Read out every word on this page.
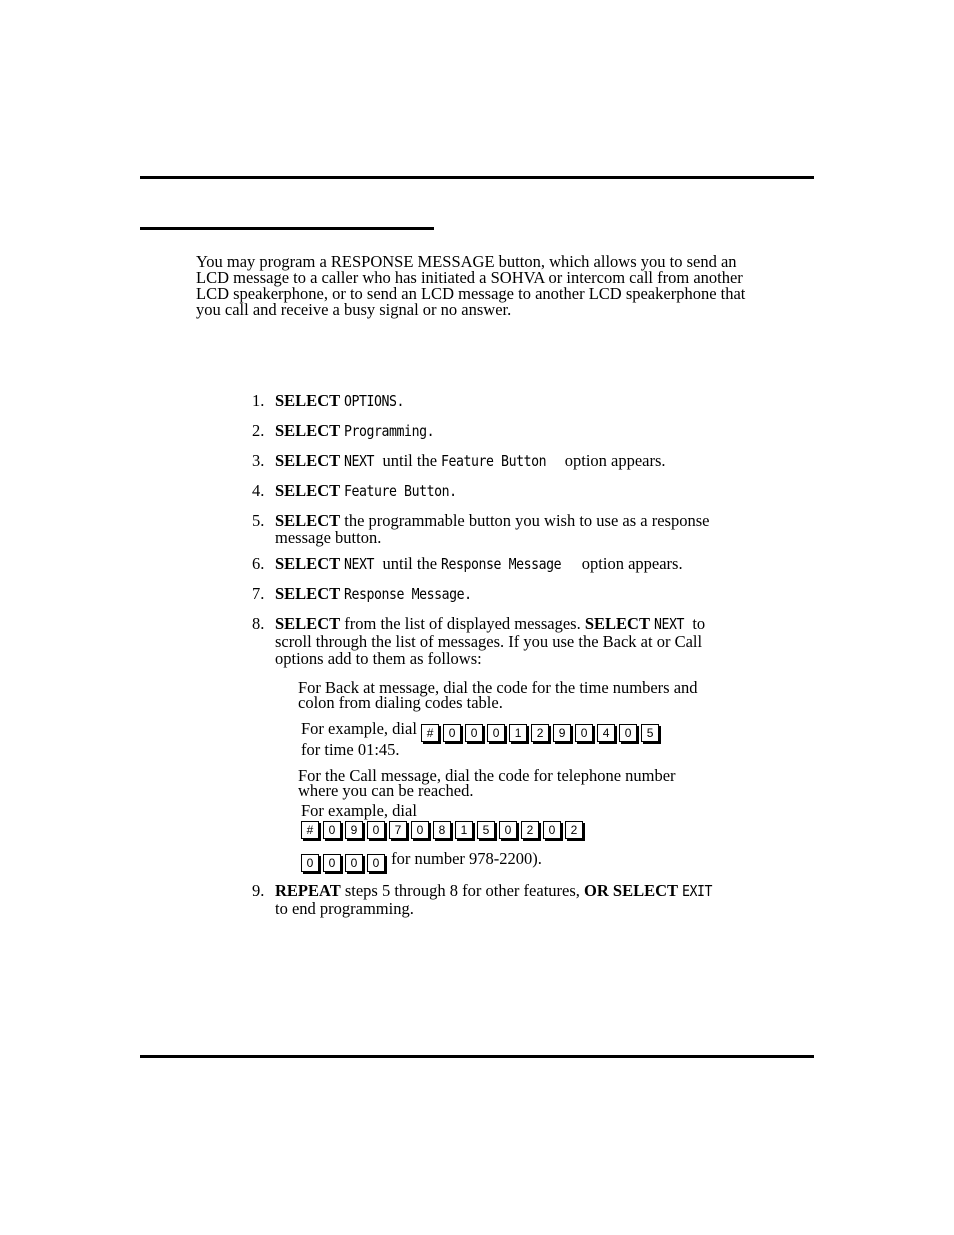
You may program a RESPONSE MESSAGE button, which allows you to send an LCD message to a caller who has initiated a SOHVA or intercom call from another LCD speakerphone, or to send an LCD message to another LCD speakerphone that you call and receive a busy signal or no answer.

1. SELECT OPTIONS.
2. SELECT Programming.
3. SELECT NEXT until the Feature Button option appears.
4. SELECT Feature Button.
5. SELECT the programmable button you wish to use as a response message button.
6. SELECT NEXT until the Response Message option appears.
7. SELECT Response Message.
8. SELECT from the list of displayed messages. SELECT NEXT to scroll through the list of messages. If you use the Back at or Call options add to them as follows:
For Back at message, dial the code for the time numbers and colon from dialing codes table.
For example, dial #	0	0	0	1	2	9	0	4	0	5
for time 01:45.
For the Call message, dial the code for telephone number where you can be reached.
For example, dial
#	0	9	0	7	0	8	1	5	0	2	0	2
0	0	0	0 for number 978-2200).
9. REPEAT steps 5 through 8 for other features, OR SELECT EXIT to end programming.
